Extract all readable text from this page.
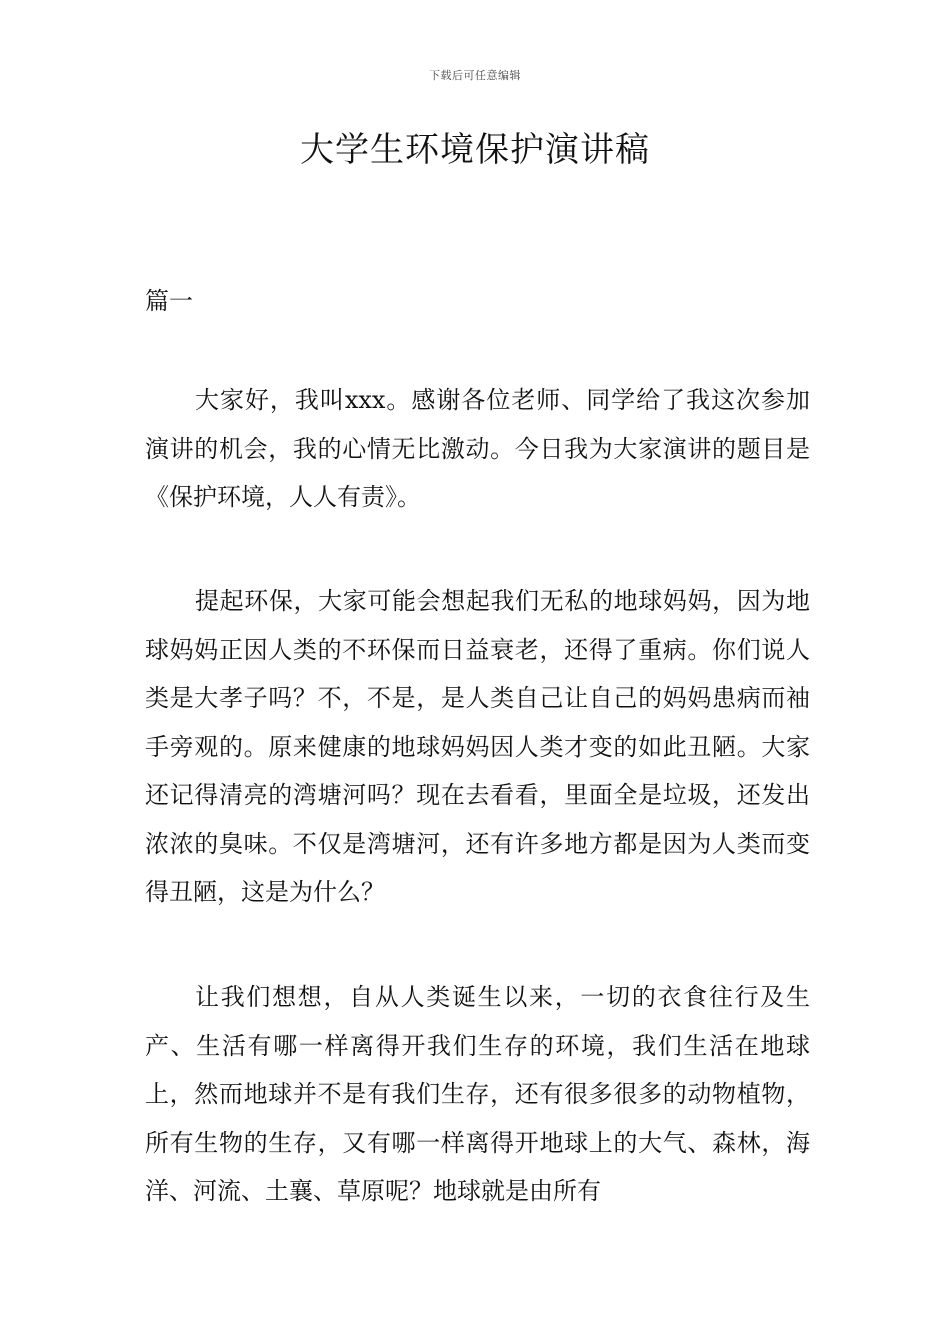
下载后可任意编辑
大学生环境保护演讲稿
篇一

大家好，我叫xxx。感谢各位老师、同学给了我这次参加演讲的机会，我的心情无比激动。今日我为大家演讲的题目是《保护环境，人人有责》。

提起环保，大家可能会想起我们无私的地球妈妈，因为地球妈妈正因人类的不环保而日益衰老，还得了重病。你们说人类是大孝子吗？不，不是，是人类自己让自己的妈妈患病而袖手旁观的。原来健康的地球妈妈因人类才变的如此丑陋。大家还记得清亮的湾塘河吗？现在去看看，里面全是垃圾，还发出浓浓的臭味。不仅是湾塘河，还有许多地方都是因为人类而变得丑陋，这是为什么？

让我们想想，自从人类诞生以来，一切的衣食往行及生产、生活有哪一样离得开我们生存的环境，我们生活在地球上，然而地球并不是有我们生存，还有很多很多的动物植物，所有生物的生存，又有哪一样离得开地球上的大气、森林，海洋、河流、土襄、草原呢？地球就是由所有
